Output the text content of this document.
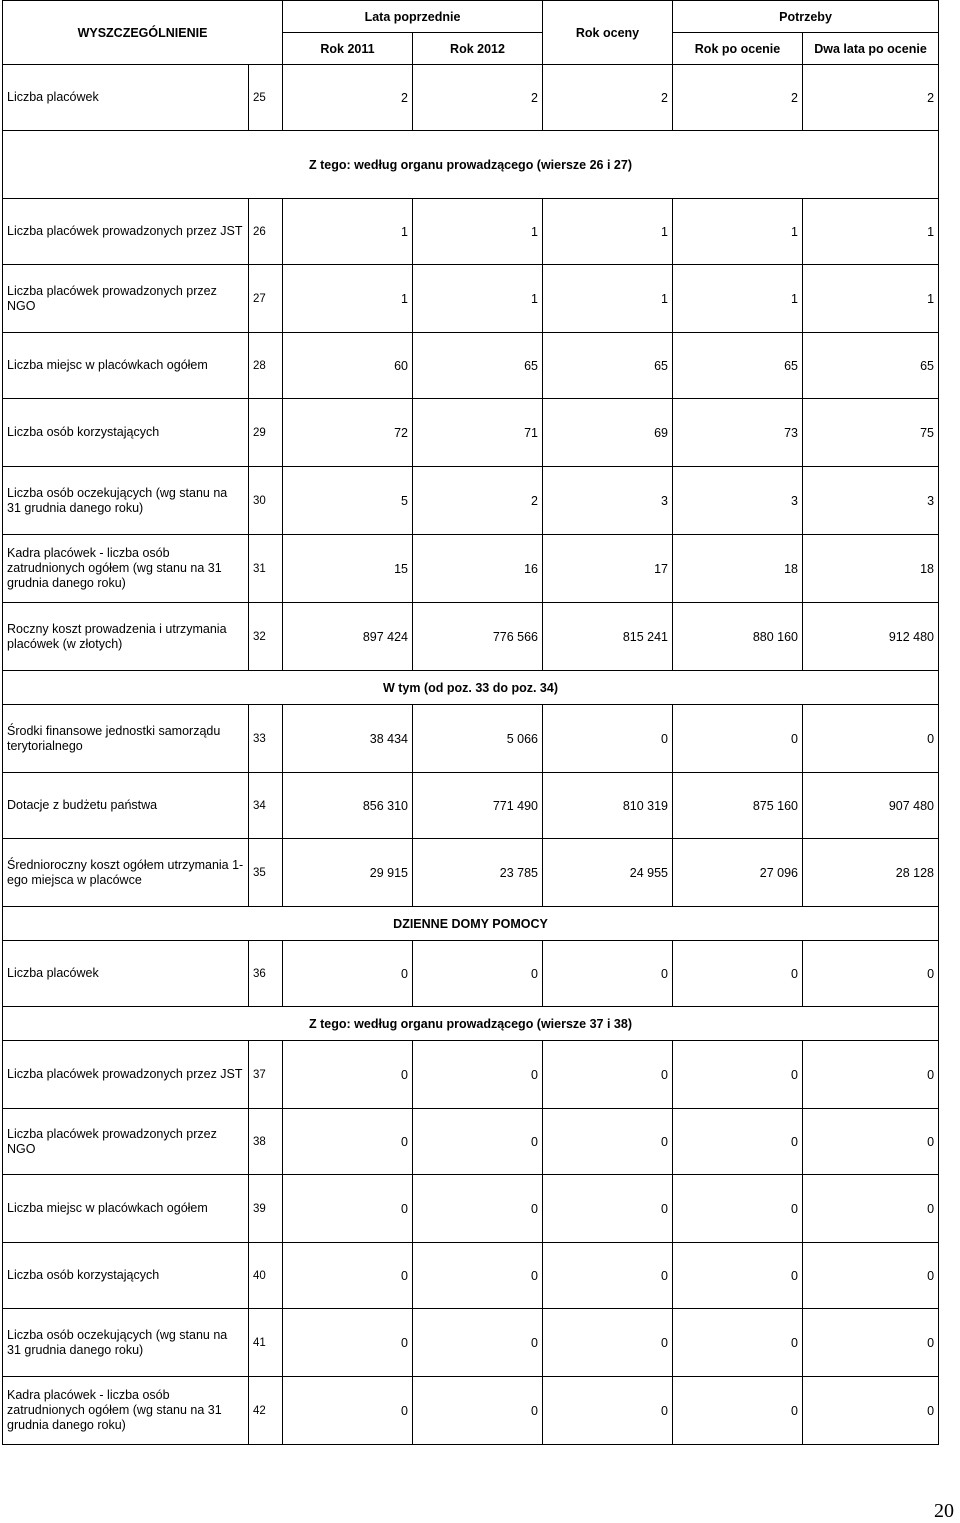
WYSZCZEGÓLNIENIE		Lata poprzednie		Rok oceny	Potrzeby	
		Rok 2011	Rok 2012		Rok po ocenie	Dwa lata po ocenie
Liczba placówek	25	2	2	2	2	2
Z tego: według organu prowadzącego (wiersze 26 i 27)						
Liczba placówek prowadzonych przez JST	26	1	1	1	1	1
Liczba placówek prowadzonych przez NGO	27	1	1	1	1	1
Liczba miejsc w placówkach ogółem	28	60	65	65	65	65
Liczba osób korzystających	29	72	71	69	73	75
Liczba osób oczekujących (wg stanu na 31 grudnia danego roku)	30	5	2	3	3	3
Kadra placówek - liczba osób zatrudnionych ogółem (wg stanu na 31 grudnia danego roku)	31	15	16	17	18	18
Roczny koszt prowadzenia i utrzymania placówek (w złotych)	32	897 424	776 566	815 241	880 160	912 480
W tym (od poz. 33 do poz. 34)						
Środki finansowe jednostki samorządu terytorialnego	33	38 434	5 066	0	0	0
Dotacje z budżetu państwa	34	856 310	771 490	810 319	875 160	907 480
Średnioroczny koszt ogółem utrzymania 1-ego miejsca w placówce	35	29 915	23 785	24 955	27 096	28 128
DZIENNE DOMY POMOCY						
Liczba placówek	36	0	0	0	0	0
Z tego: według organu prowadzącego (wiersze 37 i 38)						
Liczba placówek prowadzonych przez JST	37	0	0	0	0	0
Liczba placówek prowadzonych przez NGO	38	0	0	0	0	0
Liczba miejsc w placówkach ogółem	39	0	0	0	0	0
Liczba osób korzystających	40	0	0	0	0	0
Liczba osób oczekujących (wg stanu na 31 grudnia danego roku)	41	0	0	0	0	0
Kadra placówek - liczba osób zatrudnionych ogółem (wg stanu na 31 grudnia danego roku)	42	0	0	0	0	0
20
